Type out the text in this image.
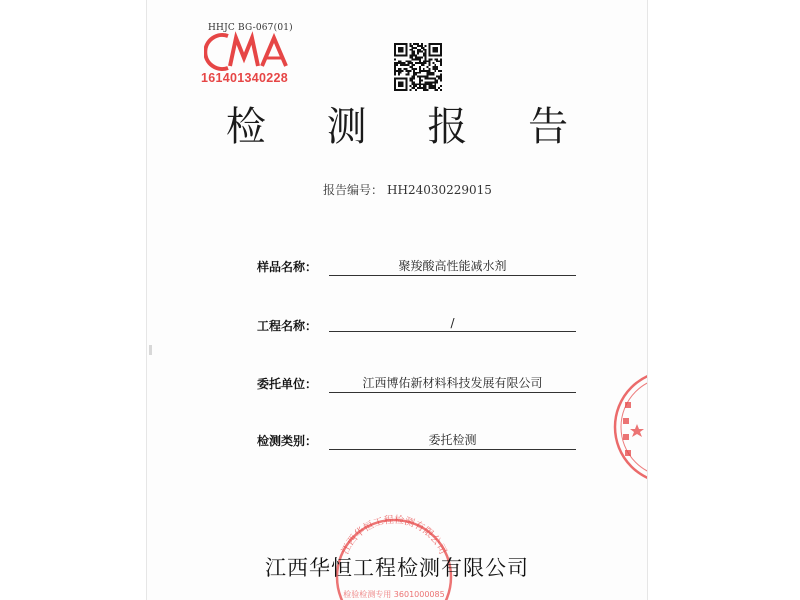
HHJC BG-067(01)
161401340228
检 测 报 告
报告编号： HH24030229015
样品名称：	聚羧酸高性能减水剂
工程名称：	/
委托单位：	江西博佑新材料科技发展有限公司
检测类别：	委托检测
江西华恒工程检测有限公司
检验检测专用 3601000085
江西华恒工程检测有限公司
